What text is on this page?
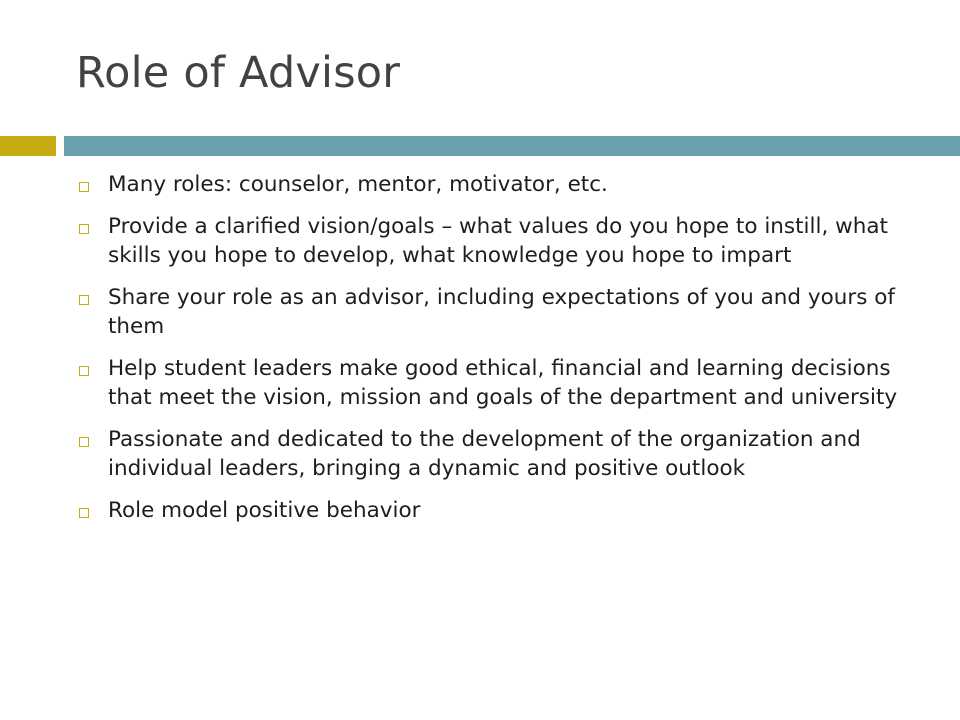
Role of Advisor
Many roles: counselor, mentor, motivator, etc.
Provide a clarified vision/goals – what values do you hope to instill, what skills you hope to develop, what knowledge you hope to impart
Share your role as an advisor, including expectations of you and yours of them
Help student leaders make good ethical, financial and learning decisions that meet the vision, mission and goals of the department and university
Passionate and dedicated to the development of the organization and individual leaders, bringing a dynamic and positive outlook
Role model positive behavior
